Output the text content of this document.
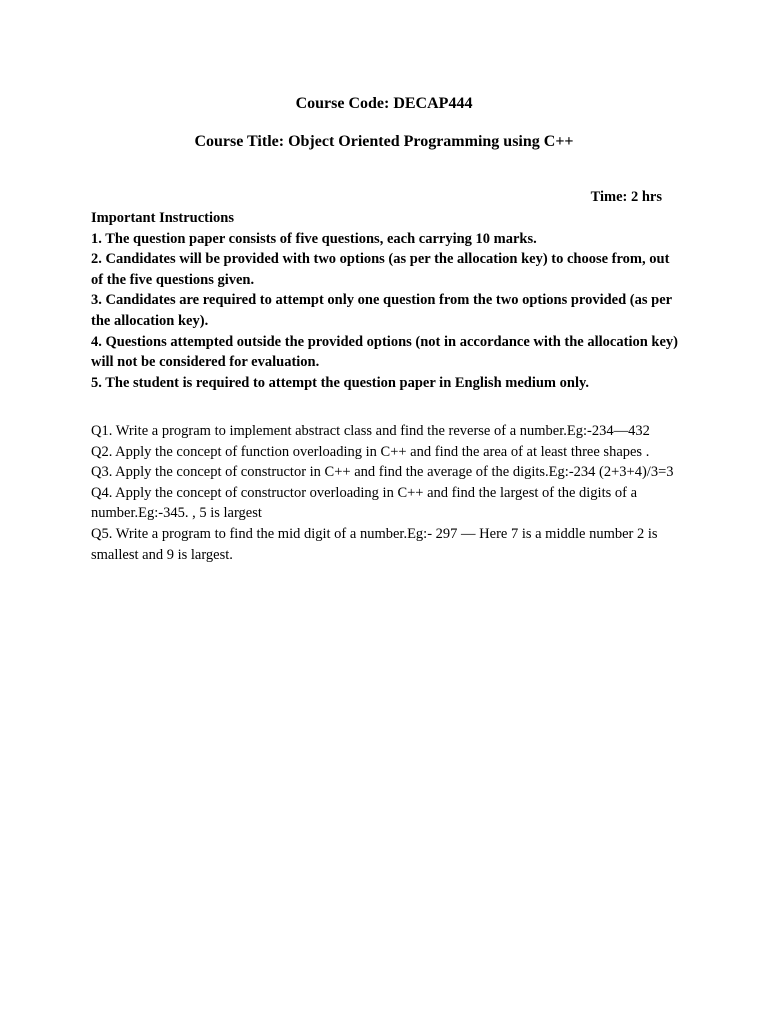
Course Code: DECAP444

Course Title: Object Oriented Programming using C++

Time: 2 hrs

Important Instructions

1. The question paper consists of five questions, each carrying 10 marks.

2. Candidates will be provided with two options (as per the allocation key) to choose from, out of the five questions given.

3. Candidates are required to attempt only one question from the two options provided (as per the allocation key).

4. Questions attempted outside the provided options (not in accordance with the allocation key) will not be considered for evaluation.

5. The student is required to attempt the question paper in English medium only.

Q1. Write a program to implement abstract class and find the reverse of a number.Eg:-234—432

Q2. Apply the concept of function overloading in C++ and find the area of at least three shapes .

Q3. Apply the concept of constructor in C++ and find the average of the digits.Eg:-234 (2+3+4)/3=3

Q4. Apply the concept of constructor overloading in C++ and find the largest of the digits of a number.Eg:-345. , 5 is largest

Q5. Write a program to find the mid digit of a number.Eg:- 297 — Here 7 is a middle number 2 is smallest and 9 is largest.
